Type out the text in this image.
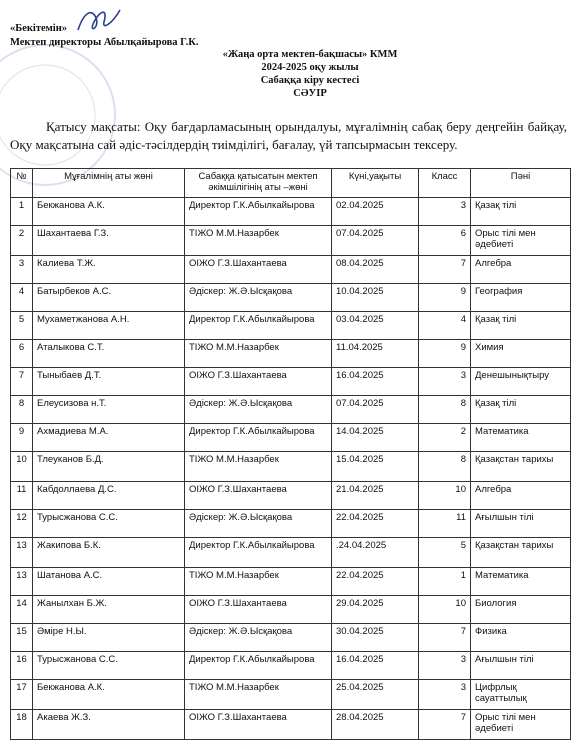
«Бекітемін»
Мектеп директоры Абылқайырова Г.К.
«Жаңа орта мектеп-бақшасы» КММ
2024-2025 оқу жылы
Сабаққа кіру кестесі
СӘУІР
Қатысу мақсаты: Оқу бағдарламасының орындалуы, мұғалімнің сабақ беру деңгейін байқау, Оқу мақсатына сай әдіс-тәсілдердің тиімділігі, бағалау, үй тапсырмасын тексеру.
№	Мұғалімнің аты жөні	Сабаққа қатысатын мектеп әкімшілігінің аты –жөні	Күні,уақыты	Класс	Пәні
1	Бекжанова А.К.	Директор Г.К.Абылкайырова	02.04.2025	3	Қазақ тілі
2	Шахантаева Г.З.	ТІЖО М.М.Назарбек	07.04.2025	6	Орыс тілі мен әдебиеті
3	Калиева Т.Ж.	ОІЖО Г.З.Шахантаева	08.04.2025	7	Алгебра
4	Батырбеков А.С.	Әдіскер: Ж.Ә.Ысқақова	10.04.2025	9	География
5	Мухаметжанова А.Н.	Директор Г.К.Абылкайырова	03.04.2025	4	Қазақ тілі
6	Аталыкова С.Т.	ТІЖО М.М.Назарбек	11.04.2025	9	Химия
7	Тыныбаев Д.Т.	ОІЖО Г.З.Шахантаева	16.04.2025	3	Денешынықтыру
8	Елеусизова н.Т.	Әдіскер: Ж.Ә.Ысқақова	07.04.2025	8	Қазақ тілі
9	Ахмадиева М.А.	Директор Г.К.Абылкайырова	14.04.2025	2	Математика
10	Тлеуканов Б.Д.	ТІЖО М.М.Назарбек	15.04.2025	8	Қазақстан тарихы
11	Кабдоллаева Д.С.	ОІЖО Г.З.Шахантаева	21.04.2025	10	Алгебра
12	Турысжанова С.С.	Әдіскер: Ж.Ә.Ысқақова	22.04.2025	11	Ағылшын тілі
13	Жакипова Б.К.	Директор Г.К.Абылкайырова	.24.04.2025	5	Қазақстан тарихы
13	Шатанова А.С.	ТІЖО М.М.Назарбек	22.04.2025	1	Математика
14	Жанылхан Б.Ж.	ОІЖО Г.З.Шахантаева	29.04.2025	10	Биология
15	Әміре Н.Ы.	Әдіскер: Ж.Ә.Ысқақова	30.04.2025	7	Физика
16	Турысжанова С.С.	Директор Г.К.Абылкайырова	16.04.2025	3	Ағылшын тілі
17	Бекжанова А.К.	ТІЖО М.М.Назарбек	25.04.2025	3	Цифрлық сауаттылық
18	Акаева Ж.З.	ОІЖО Г.З.Шахантаева	28.04.2025	7	Орыс тілі мен әдебиеті
